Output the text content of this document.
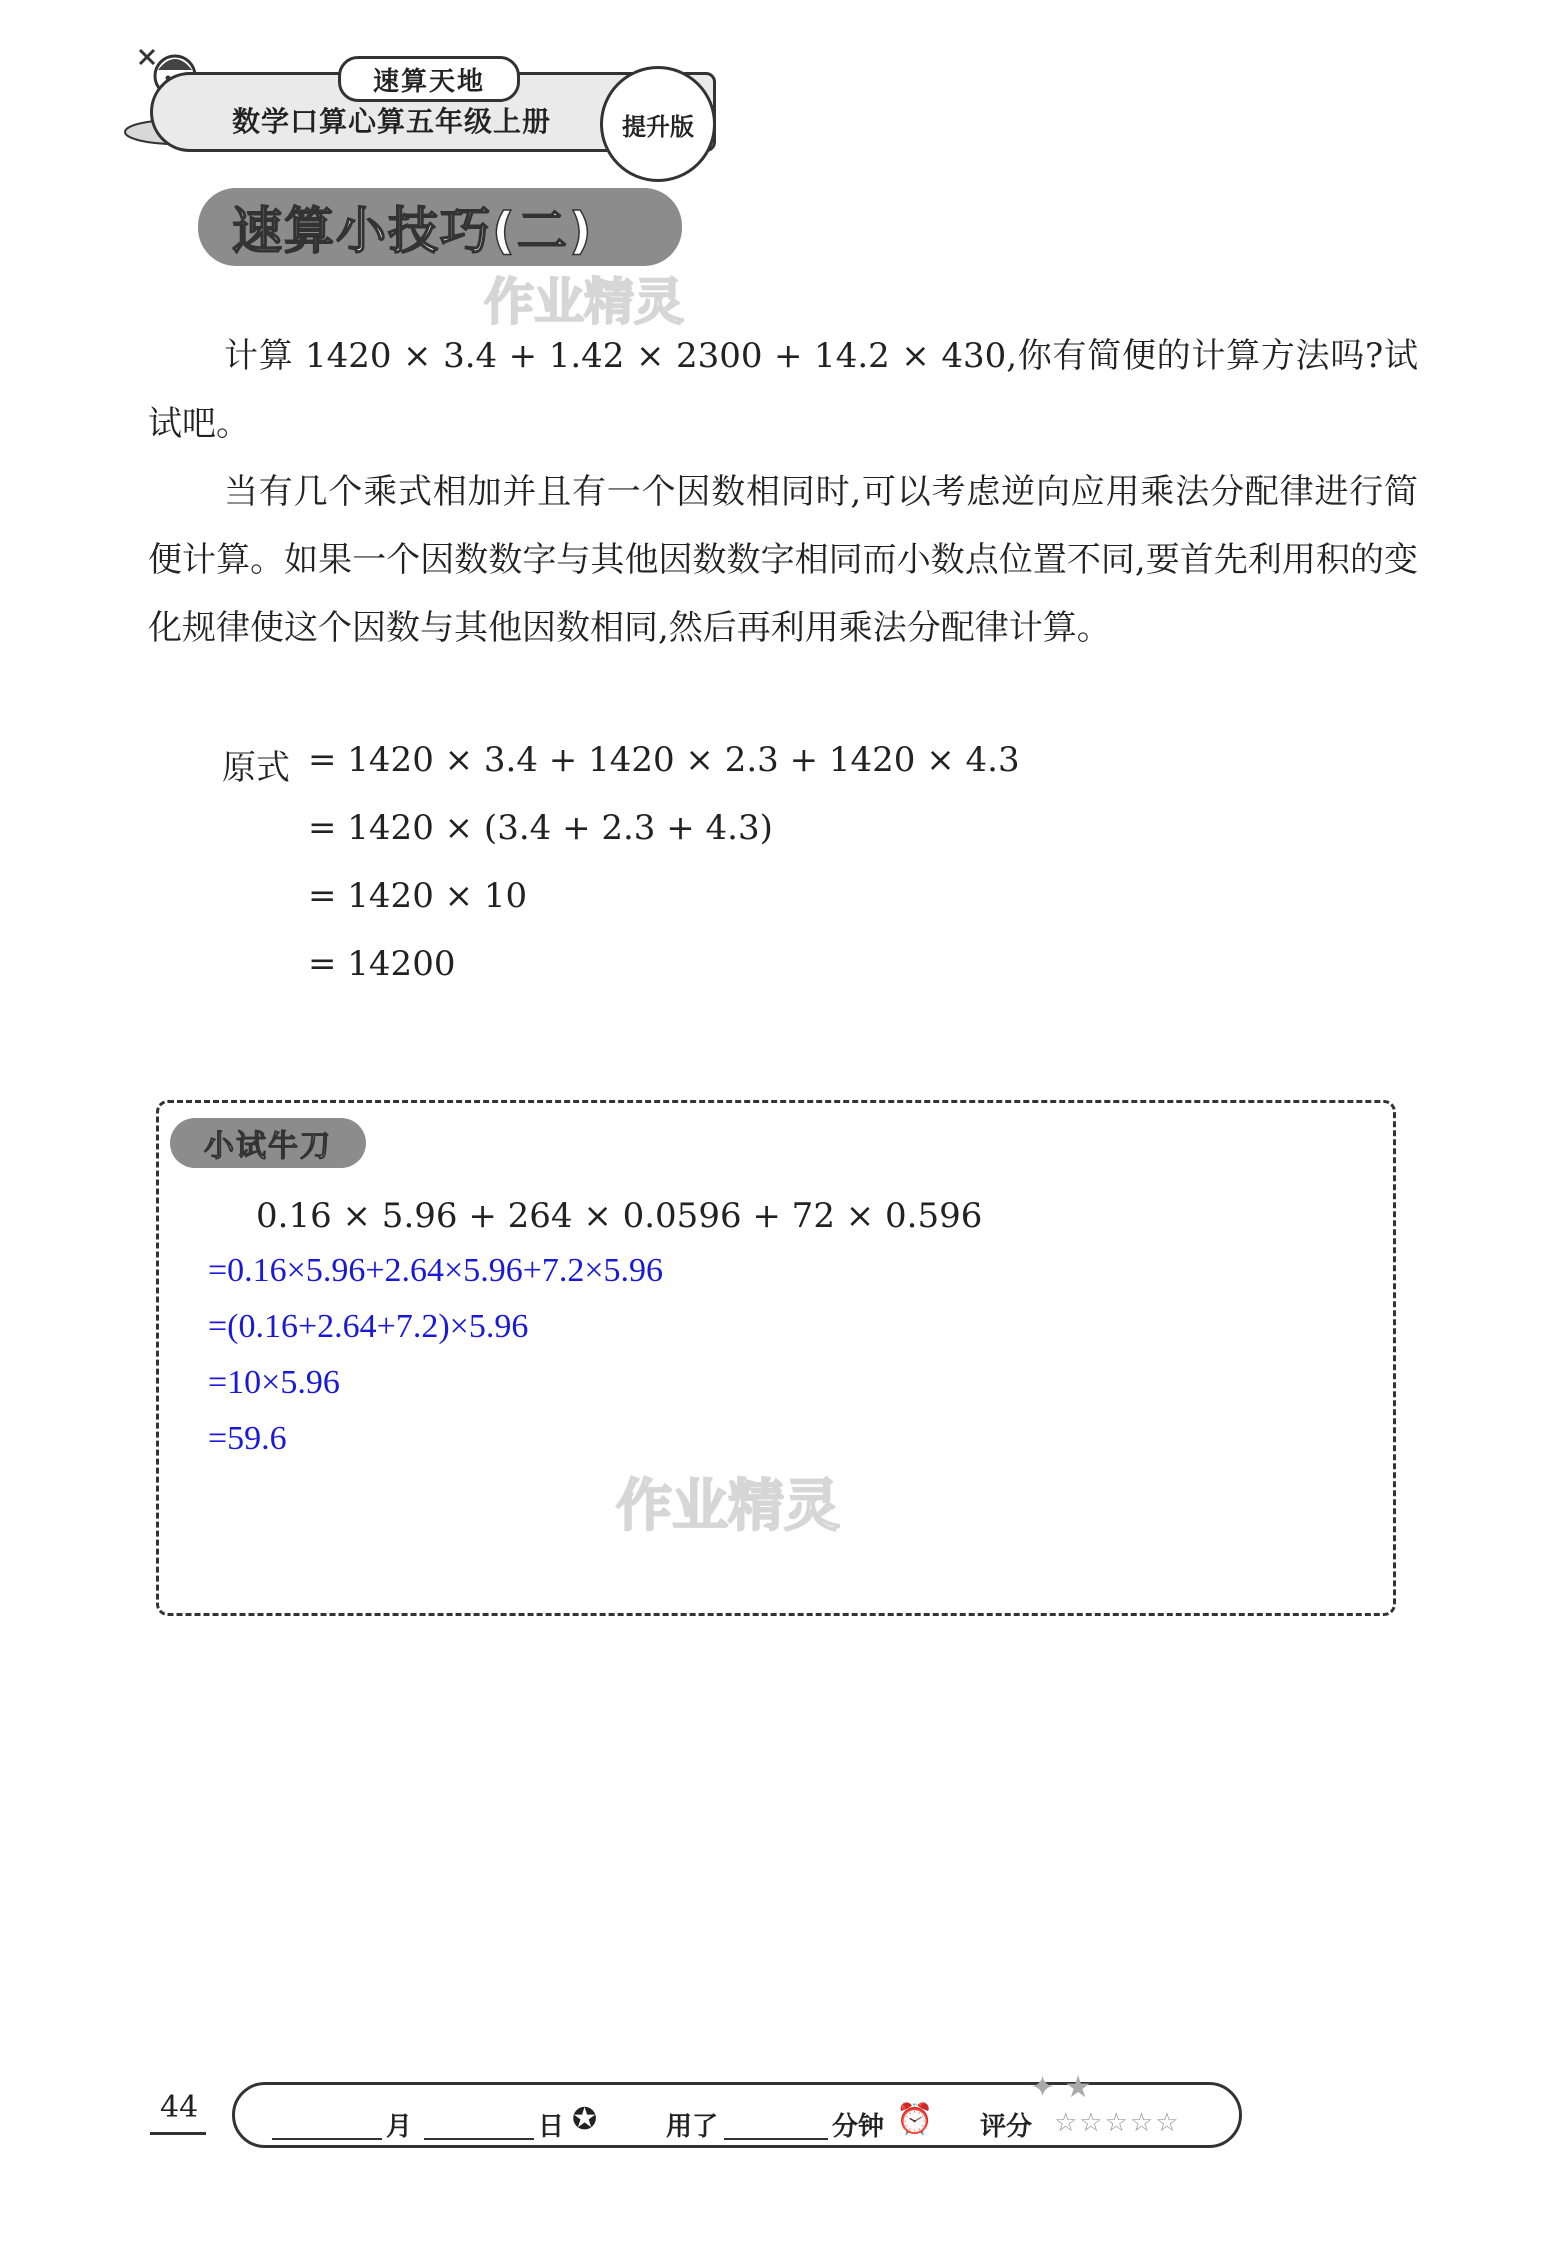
速算天地
数学口算心算五年级上册	提升版
速算小技巧(二)
作业精灵
计算 1420 × 3.4 + 1.42 × 2300 + 14.2 × 430,你有简便的计算方法吗?试试吧。
当有几个乘式相加并且有一个因数相同时,可以考虑逆向应用乘法分配律进行简便计算。如果一个因数数字与其他因数数字相同而小数点位置不同,要首先利用积的变化规律使这个因数与其他因数相同,然后再利用乘法分配律计算。
原式 = 1420 × 3.4 + 1420 × 2.3 + 1420 × 4.3
= 1420 × (3.4 + 2.3 + 4.3)
= 1420 × 10
= 14200
小试牛刀
0.16 × 5.96 + 264 × 0.0596 + 72 × 0.596
=0.16×5.96+2.64×5.96+7.2×5.96
=(0.16+2.64+7.2)×5.96
=10×5.96
=59.6
作业精灵
44
✦ ★
月	日 ✪	用了	分钟 ⏰ 评分 ☆☆☆☆☆
